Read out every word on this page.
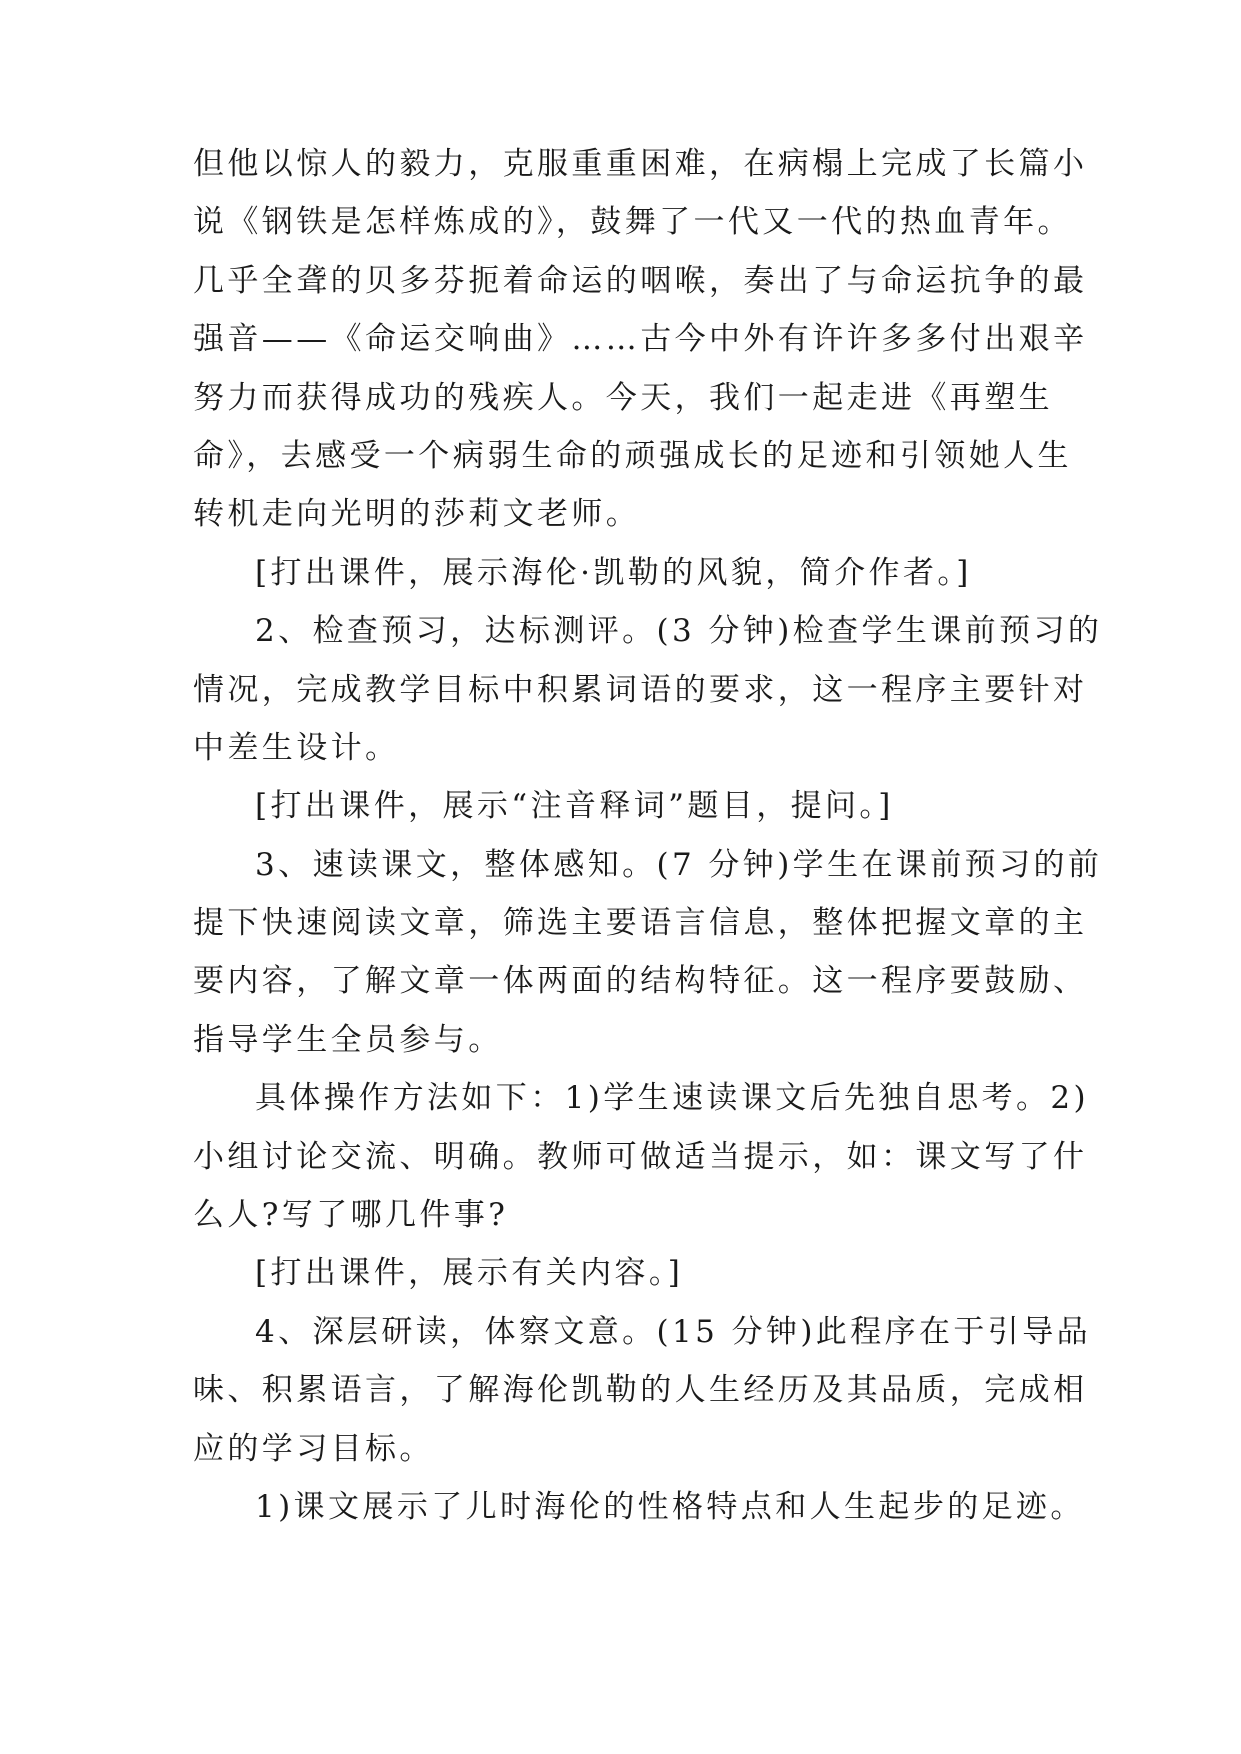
但他以惊人的毅力，克服重重困难，在病榻上完成了长篇小
说《钢铁是怎样炼成的》，鼓舞了一代又一代的热血青年。
几乎全聋的贝多芬扼着命运的咽喉，奏出了与命运抗争的最
强音——《命运交响曲》……古今中外有许许多多付出艰辛
努力而获得成功的残疾人。今天，我们一起走进《再塑生
命》，去感受一个病弱生命的顽强成长的足迹和引领她人生
转机走向光明的莎莉文老师。
[打出课件，展示海伦·凯勒的风貌，简介作者。]
2、检查预习，达标测评。(3 分钟)检查学生课前预习的
情况，完成教学目标中积累词语的要求，这一程序主要针对
中差生设计。
[打出课件，展示“注音释词”题目，提问。]
3、速读课文，整体感知。(7 分钟)学生在课前预习的前
提下快速阅读文章，筛选主要语言信息，整体把握文章的主
要内容，了解文章一体两面的结构特征。这一程序要鼓励、
指导学生全员参与。
具体操作方法如下：1)学生速读课文后先独自思考。2)
小组讨论交流、明确。教师可做适当提示，如：课文写了什
么人?写了哪几件事?
[打出课件，展示有关内容。]
4、深层研读，体察文意。(15 分钟)此程序在于引导品
味、积累语言，了解海伦凯勒的人生经历及其品质，完成相
应的学习目标。
1)课文展示了儿时海伦的性格特点和人生起步的足迹。
